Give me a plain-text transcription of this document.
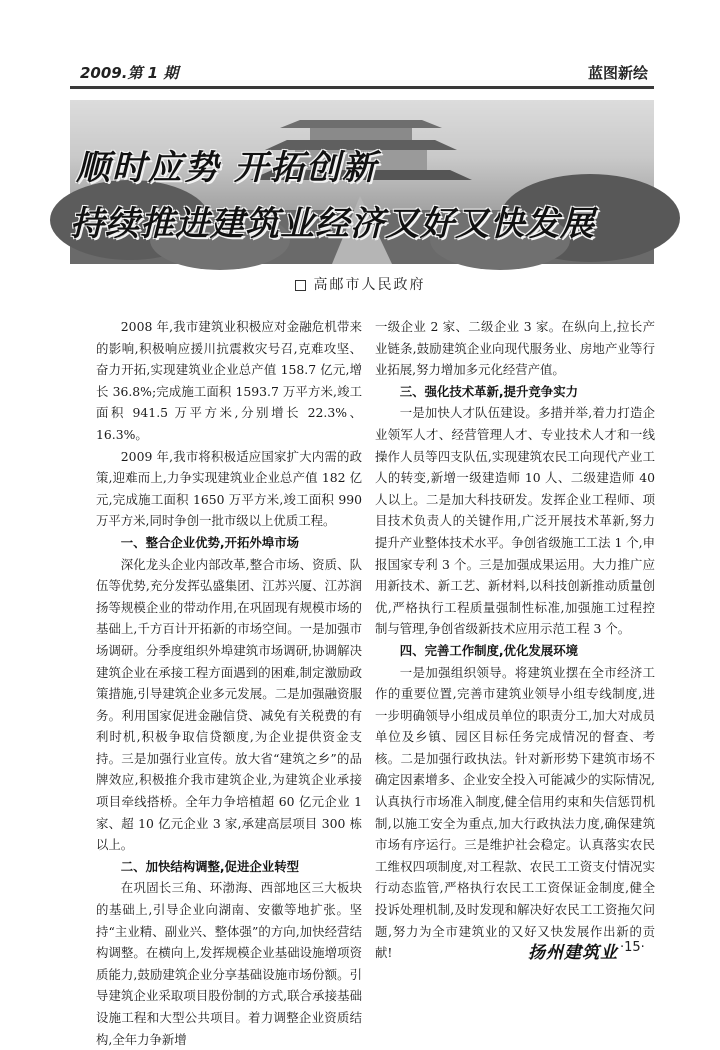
2009.第 1 期	蓝图新绘
顺时应势 开拓创新
持续推进建筑业经济又好又快发展
高邮市人民政府

2008 年,我市建筑业积极应对金融危机带来的影响,积极响应援川抗震救灾号召,克难攻坚、奋力开拓,实现建筑业企业总产值 158.7 亿元,增长 36.8%;完成施工面积 1593.7 万平方米,竣工面积 941.5 万平方米,分别增长 22.3%、16.3%。

2009 年,我市将积极适应国家扩大内需的政策,迎难而上,力争实现建筑业企业总产值 182 亿元,完成施工面积 1650 万平方米,竣工面积 990 万平方米,同时争创一批市级以上优质工程。

一、整合企业优势,开拓外埠市场

深化龙头企业内部改革,整合市场、资质、队伍等优势,充分发挥弘盛集团、江苏兴厦、江苏润扬等规模企业的带动作用,在巩固现有规模市场的基础上,千方百计开拓新的市场空间。一是加强市场调研。分季度组织外埠建筑市场调研,协调解决建筑企业在承接工程方面遇到的困难,制定激励政策措施,引导建筑企业多元发展。二是加强融资服务。利用国家促进金融信贷、减免有关税费的有利时机,积极争取信贷额度,为企业提供资金支持。三是加强行业宣传。放大省“建筑之乡”的品牌效应,积极推介我市建筑企业,为建筑企业承接项目牵线搭桥。全年力争培植超 60 亿元企业 1 家、超 10 亿元企业 3 家,承建高层项目 300 栋以上。

二、加快结构调整,促进企业转型

在巩固长三角、环渤海、西部地区三大板块的基础上,引导企业向湖南、安徽等地扩张。坚持“主业精、副业兴、整体强”的方向,加快经营结构调整。在横向上,发挥规模企业基础设施增项资质能力,鼓励建筑企业分享基础设施市场份额。引导建筑企业采取项目股份制的方式,联合承接基础设施工程和大型公共项目。着力调整企业资质结构,全年力争新增

一级企业 2 家、二级企业 3 家。在纵向上,拉长产业链条,鼓励建筑企业向现代服务业、房地产业等行业拓展,努力增加多元化经营产值。

三、强化技术革新,提升竞争实力

一是加快人才队伍建设。多措并举,着力打造企业领军人才、经营管理人才、专业技术人才和一线操作人员等四支队伍,实现建筑农民工向现代产业工人的转变,新增一级建造师 10 人、二级建造师 40 人以上。二是加大科技研发。发挥企业工程师、项目技术负责人的关键作用,广泛开展技术革新,努力提升产业整体技术水平。争创省级施工工法 1 个,申报国家专利 3 个。三是加强成果运用。大力推广应用新技术、新工艺、新材料,以科技创新推动质量创优,严格执行工程质量强制性标准,加强施工过程控制与管理,争创省级新技术应用示范工程 3 个。

四、完善工作制度,优化发展环境

一是加强组织领导。将建筑业摆在全市经济工作的重要位置,完善市建筑业领导小组专线制度,进一步明确领导小组成员单位的职责分工,加大对成员单位及乡镇、园区目标任务完成情况的督查、考核。二是加强行政执法。针对新形势下建筑市场不确定因素增多、企业安全投入可能减少的实际情况,认真执行市场准入制度,健全信用约束和失信惩罚机制,以施工安全为重点,加大行政执法力度,确保建筑市场有序运行。三是维护社会稳定。认真落实农民工维权四项制度,对工程款、农民工工资支付情况实行动态监管,严格执行农民工工资保证金制度,健全投诉处理机制,及时发现和解决好农民工工资拖欠问题,努力为全市建筑业的又好又快发展作出新的贡献!	扬州建筑业 ·15·
